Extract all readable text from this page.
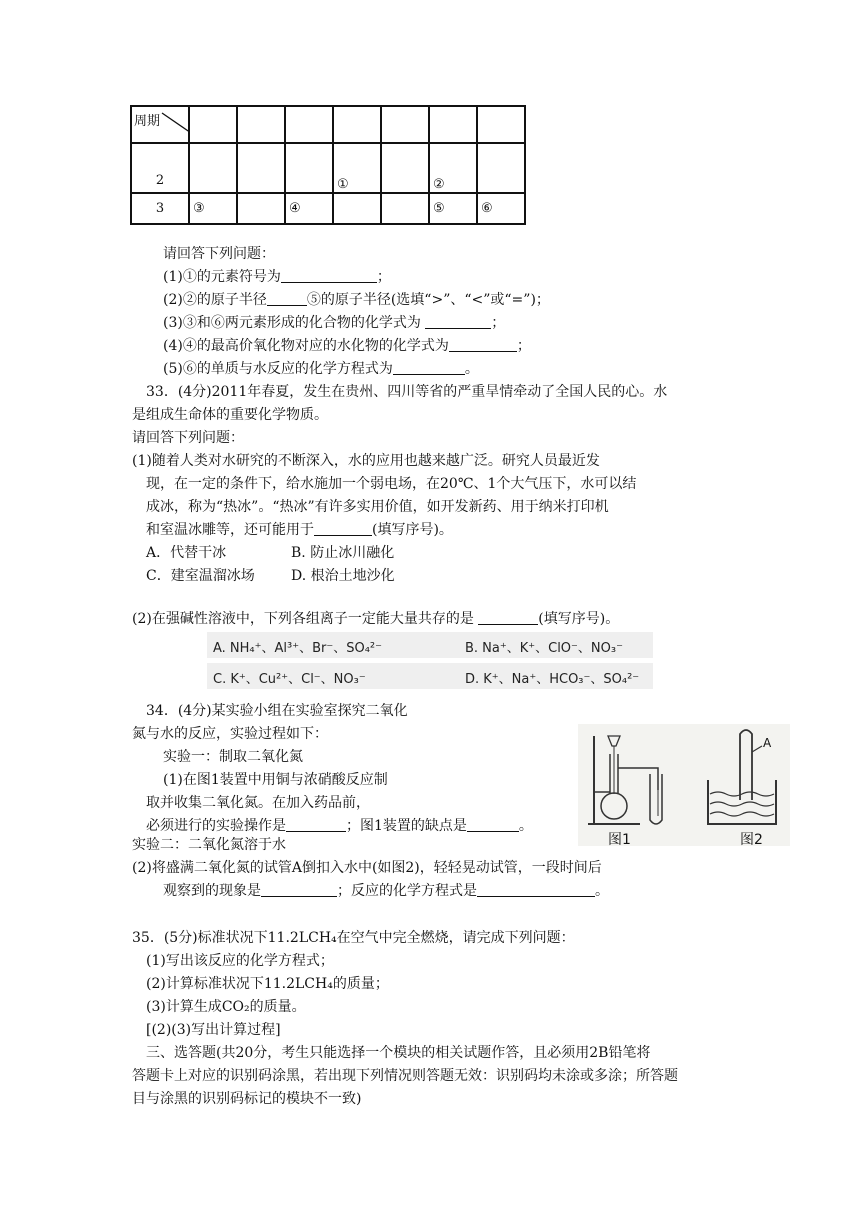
周期							

2				①		②	
3	③		④			⑤	⑥
请回答下列问题：
(1)①的元素符号为	；
(2)②的原子半径	⑤的原子半径(选填“>”、“<”或“=”)；
(3)③和⑥两元素形成的化合物的化学式为	；
(4)④的最高价氧化物对应的水化物的化学式为	；
(5)⑥的单质与水反应的化学方程式为	。
33．(4分)2011年春夏，发生在贵州、四川等省的严重旱情牵动了全国人民的心。水
是组成生命体的重要化学物质。
请回答下列问题：
(1)随着人类对水研究的不断深入，水的应用也越来越广泛。研究人员最近发
现，在一定的条件下，给水施加一个弱电场，在20℃、1个大气压下，水可以结
成冰，称为“热冰”。“热冰”有许多实用价值，如开发新药、用于纳米打印机
和室温冰雕等，还可能用于	(填写序号)。
A．代替干冰	B. 防止冰川融化
C．建室温溜冰场	D. 根治土地沙化
(2)在强碱性溶液中，下列各组离子一定能大量共存的是	(填写序号)。
A. NH₄⁺、Al³⁺、Br⁻、SO₄²⁻	B. Na⁺、K⁺、ClO⁻、NO₃⁻
C. K⁺、Cu²⁺、Cl⁻、NO₃⁻	D. K⁺、Na⁺、HCO₃⁻、SO₄²⁻
34．(4分)某实验小组在实验室探究二氧化
氮与水的反应，实验过程如下：
实验一：制取二氧化氮
(1)在图1装置中用铜与浓硝酸反应制
取并收集二氧化氮。在加入药品前，
必须进行的实验操作是	；图1装置的缺点是	。
实验二：二氧化氮溶于水
(2)将盛满二氧化氮的试管A倒扣入水中(如图2)，轻轻晃动试管，一段时间后
观察到的现象是	；反应的化学方程式是	。
A
图1	图2
35．(5分)标准状况下11.2LCH₄在空气中完全燃烧，请完成下列问题：
(1)写出该反应的化学方程式；
(2)计算标准状况下11.2LCH₄的质量；
(3)计算生成CO₂的质量。
[(2)(3)写出计算过程]
三、选答题(共20分，考生只能选择一个模块的相关试题作答，且必须用2B铅笔将
答题卡上对应的识别码涂黑，若出现下列情况则答题无效：识别码均未涂或多涂；所答题
目与涂黑的识别码标记的模块不一致)
